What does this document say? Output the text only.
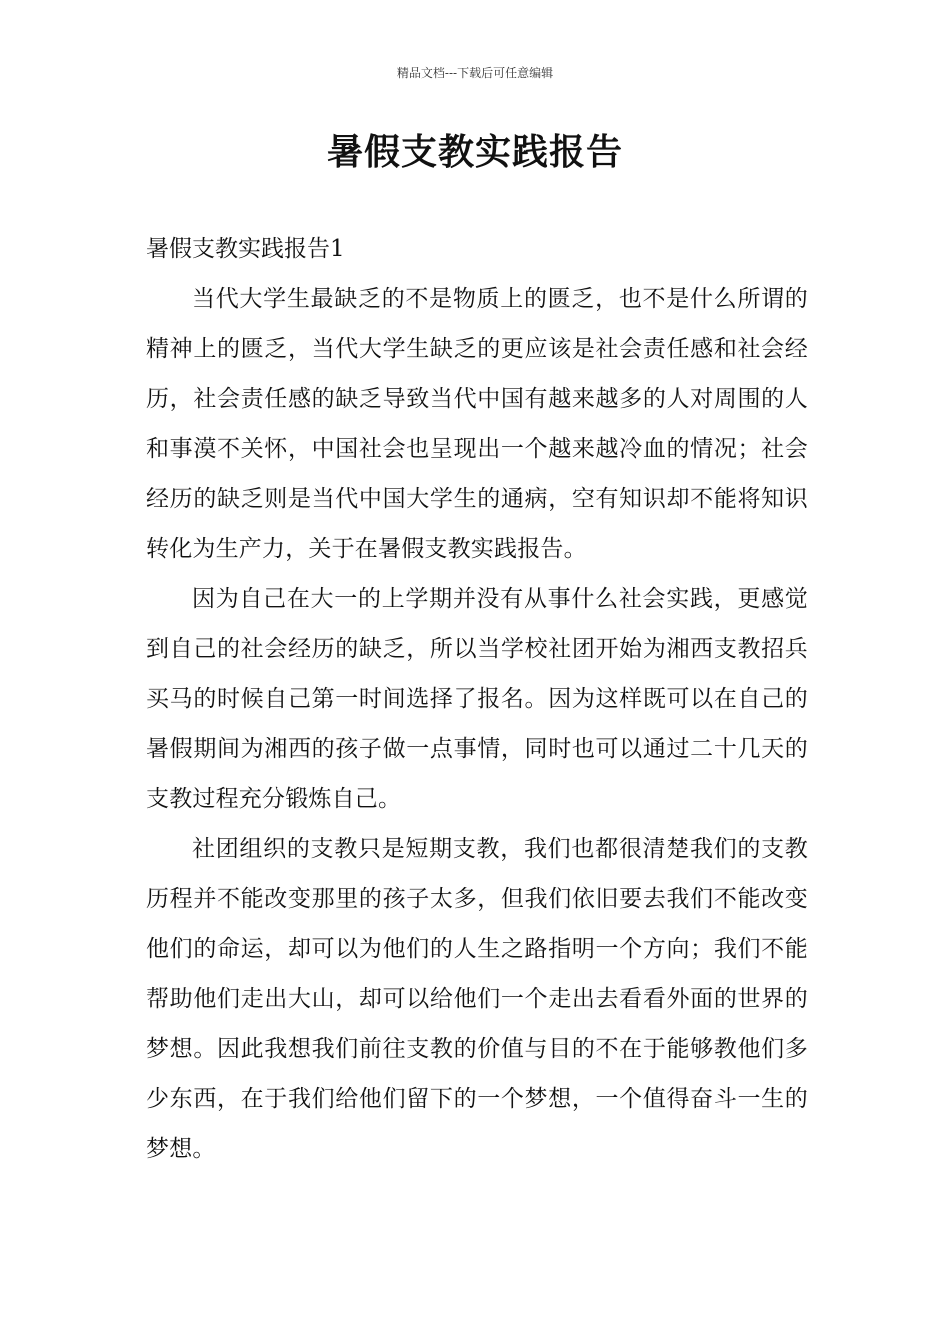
精品文档---下载后可任意编辑
暑假支教实践报告

暑假支教实践报告1

当代大学生最缺乏的不是物质上的匮乏，也不是什么所谓的精神上的匮乏，当代大学生缺乏的更应该是社会责任感和社会经历，社会责任感的缺乏导致当代中国有越来越多的人对周围的人和事漠不关怀，中国社会也呈现出一个越来越冷血的情况；社会经历的缺乏则是当代中国大学生的通病，空有知识却不能将知识转化为生产力，关于在暑假支教实践报告。

因为自己在大一的上学期并没有从事什么社会实践，更感觉到自己的社会经历的缺乏，所以当学校社团开始为湘西支教招兵买马的时候自己第一时间选择了报名。因为这样既可以在自己的暑假期间为湘西的孩子做一点事情，同时也可以通过二十几天的支教过程充分锻炼自己。

社团组织的支教只是短期支教，我们也都很清楚我们的支教历程并不能改变那里的孩子太多，但我们依旧要去我们不能改变他们的命运，却可以为他们的人生之路指明一个方向；我们不能帮助他们走出大山，却可以给他们一个走出去看看外面的世界的梦想。因此我想我们前往支教的价值与目的不在于能够教他们多少东西，在于我们给他们留下的一个梦想，一个值得奋斗一生的梦想。
